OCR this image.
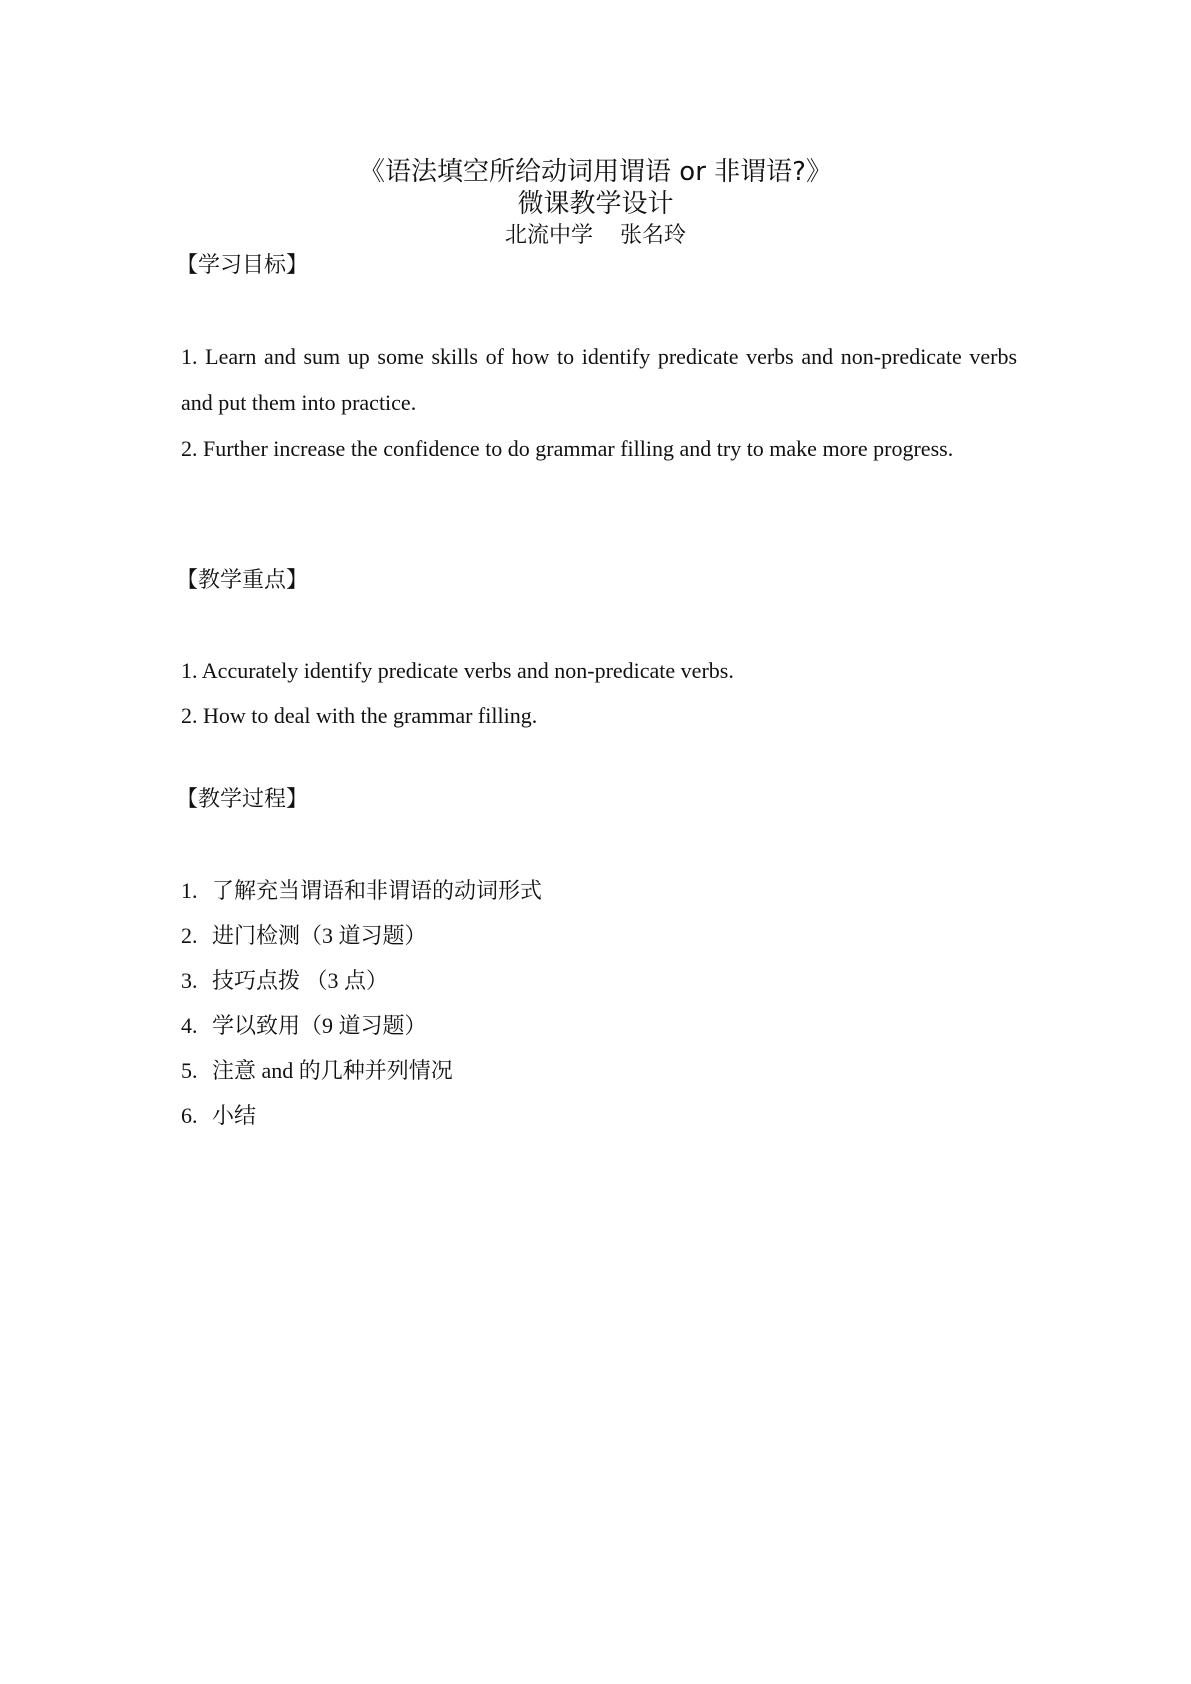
《语法填空所给动词用谓语 or 非谓语?》
微课教学设计
北流中学 张名玲
【学习目标】
1. Learn and sum up some skills of how to identify predicate verbs and non-predicate verbs and put them into practice.
2. Further increase the confidence to do grammar filling and try to make more progress.
【教学重点】
1. Accurately identify predicate verbs and non-predicate verbs.
2. How to deal with the grammar filling.
【教学过程】
1. 了解充当谓语和非谓语的动词形式
2. 进门检测（3 道习题）
3. 技巧点拨 （3 点）
4. 学以致用（9 道习题）
5. 注意 and 的几种并列情况
6. 小结
